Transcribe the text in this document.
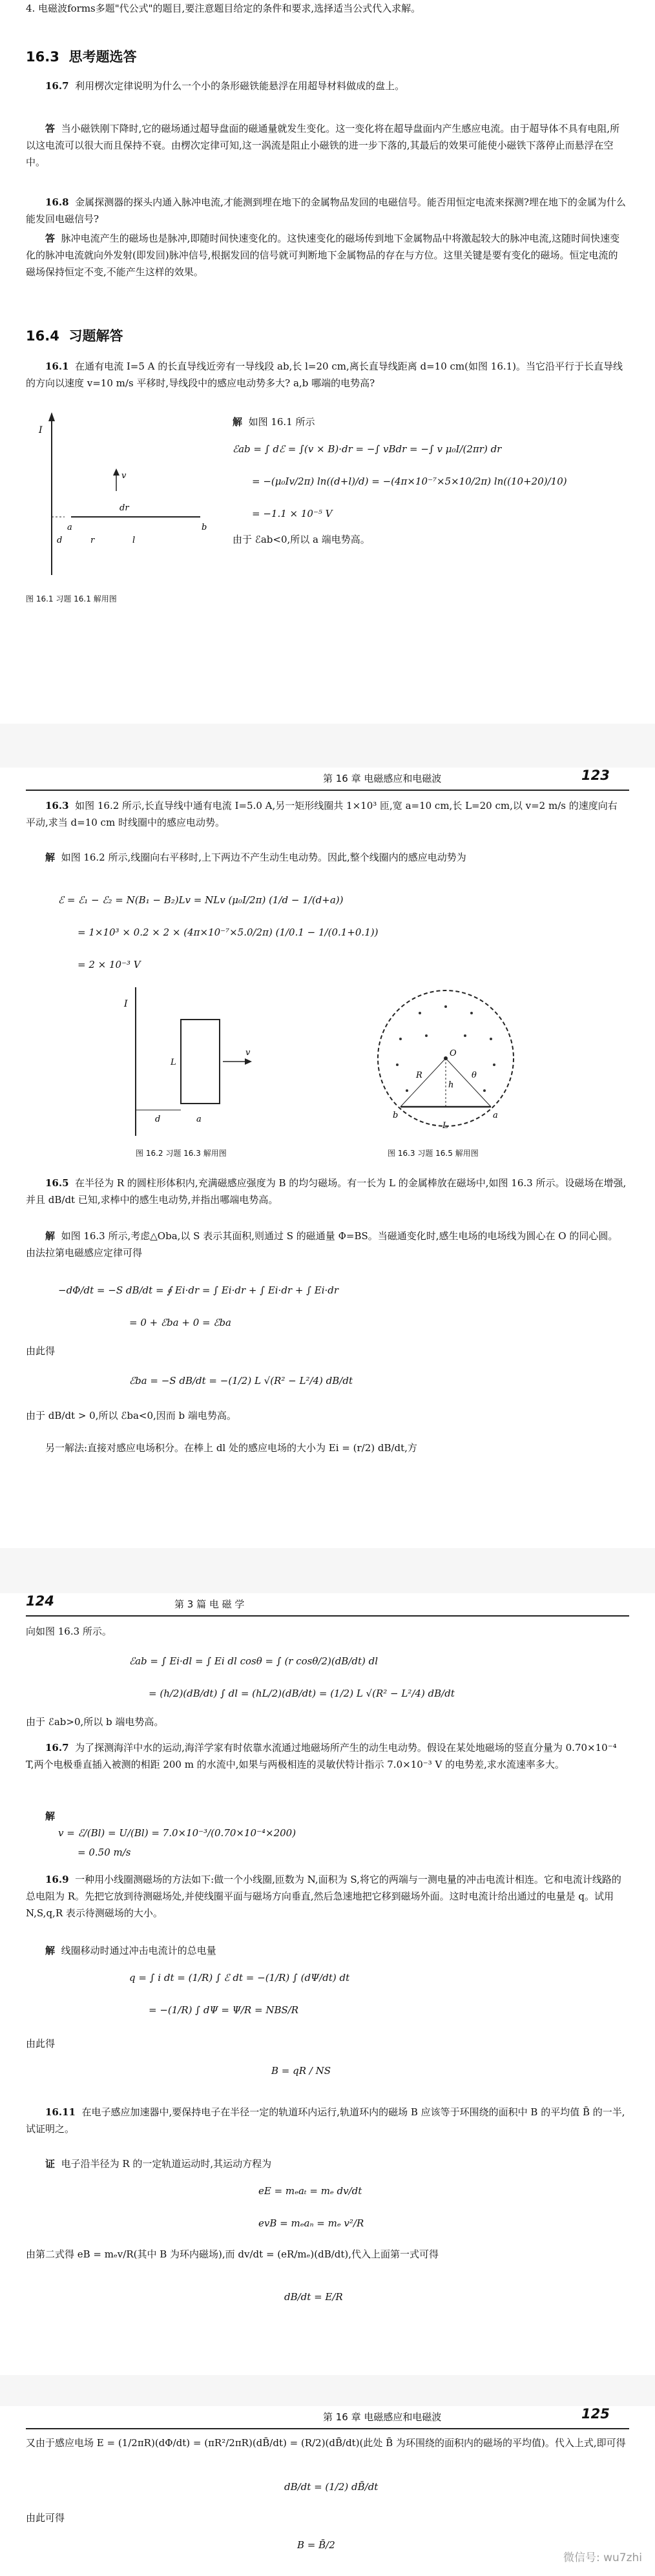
4. 电磁波forms多题"代公式"的题目,要注意题目给定的条件和要求,选择适当公式代入求解。
16.3 思考题选答
16.7 利用楞次定律说明为什么一个小的条形磁铁能悬浮在用超导材料做成的盘上。
答 当小磁铁刚下降时,它的磁场通过超导盘面的磁通量就发生变化。这一变化将在超导盘面内产生感应电流。由于超导体不具有电阻,所以这电流可以很大而且保持不衰。由楞次定律可知,这一涡流是阻止小磁铁的进一步下落的,其最后的效果可能使小磁铁下落停止而悬浮在空中。
16.8 金属探测器的探头内通入脉冲电流,才能测到埋在地下的金属物品发回的电磁信号。能否用恒定电流来探测?埋在地下的金属为什么能发回电磁信号?
答 脉冲电流产生的磁场也是脉冲,即随时间快速变化的。这快速变化的磁场传到地下金属物品中将激起较大的脉冲电流,这随时间快速变化的脉冲电流就向外发射(即发回)脉冲信号,根据发回的信号就可判断地下金属物品的存在与方位。这里关键是要有变化的磁场。恒定电流的磁场保持恒定不变,不能产生这样的效果。
16.4 习题解答
16.1 在通有电流 I=5 A 的长直导线近旁有一导线段 ab,长 l=20 cm,离长直导线距离 d=10 cm(如图 16.1)。当它沿平行于长直导线的方向以速度 v=10 m/s 平移时,导线段中的感应电动势多大? a,b 哪端的电势高?
I
a	b
dr
v
r
d	l
图 16.1 习题 16.1 解用图
解 如图 16.1 所示
ℰab = ∫ dℰ = ∫(v × B)·dr = −∫ vBdr = −∫ v μ₀I/(2πr) dr
= −(μ₀Iv/2π) ln((d+l)/d) = −(4π×10⁻⁷×5×10/2π) ln((10+20)/10)
= −1.1 × 10⁻⁵ V
由于 ℰab<0,所以 a 端电势高。
第 16 章 电磁感应和电磁波	123
16.3 如图 16.2 所示,长直导线中通有电流 I=5.0 A,另一矩形线圈共 1×10³ 匝,宽 a=10 cm,长 L=20 cm,以 v=2 m/s 的速度向右平动,求当 d=10 cm 时线圈中的感应电动势。
解 如图 16.2 所示,线圈向右平移时,上下两边不产生动生电动势。因此,整个线圈内的感应电动势为
ℰ = ℰ₁ − ℰ₂ = N(B₁ − B₂)Lv = NLv (μ₀I/2π) (1/d − 1/(d+a))
= 1×10³ × 0.2 × 2 × (4π×10⁻⁷×5.0/2π) (1/0.1 − 1/(0.1+0.1))
= 2 × 10⁻³ V
I
d	a
L
v
图 16.2 习题 16.3 解用图
O
h
R	θ
b	a
L
图 16.3 习题 16.5 解用图
16.5 在半径为 R 的圆柱形体积内,充满磁感应强度为 B 的均匀磁场。有一长为 L 的金属棒放在磁场中,如图 16.3 所示。设磁场在增强,并且 dB/dt 已知,求棒中的感生电动势,并指出哪端电势高。
解 如图 16.3 所示,考虑△Oba,以 S 表示其面积,则通过 S 的磁通量 Φ=BS。当磁通变化时,感生电场的电场线为圆心在 O 的同心圆。由法拉第电磁感应定律可得
−dΦ/dt = −S dB/dt = ∮ Ei·dr = ∫ Ei·dr + ∫ Ei·dr + ∫ Ei·dr
= 0 + ℰba + 0 = ℰba
由此得
ℰba = −S dB/dt = −(1/2) L √(R² − L²/4) dB/dt
由于 dB/dt > 0,所以 ℰba<0,因而 b 端电势高。
另一解法:直接对感应电场积分。在棒上 dl 处的感应电场的大小为 Ei = (r/2) dB/dt,方
124	第 3 篇 电 磁 学
向如图 16.3 所示。
ℰab = ∫ Ei·dl = ∫ Ei dl cosθ = ∫ (r cosθ/2)(dB/dt) dl
= (h/2)(dB/dt) ∫ dl = (hL/2)(dB/dt) = (1/2) L √(R² − L²/4) dB/dt
由于 ℰab>0,所以 b 端电势高。
16.7 为了探测海洋中水的运动,海洋学家有时依靠水流通过地磁场所产生的动生电动势。假设在某处地磁场的竖直分量为 0.70×10⁻⁴ T,两个电极垂直插入被测的相距 200 m 的水流中,如果与两极相连的灵敏伏特计指示 7.0×10⁻³ V 的电势差,求水流速率多大。
解
v = ℰ/(Bl) = U/(Bl) = 7.0×10⁻³/(0.70×10⁻⁴×200)
= 0.50 m/s
16.9 一种用小线圈测磁场的方法如下:做一个小线圈,匝数为 N,面积为 S,将它的两端与一测电量的冲击电流计相连。它和电流计线路的总电阻为 R。先把它放到待测磁场处,并使线圈平面与磁场方向垂直,然后急速地把它移到磁场外面。这时电流计给出通过的电量是 q。试用 N,S,q,R 表示待测磁场的大小。
解 线圈移动时通过冲击电流计的总电量
q = ∫ i dt = (1/R) ∫ ℰ dt = −(1/R) ∫ (dΨ/dt) dt
= −(1/R) ∫ dΨ = Ψ/R = NBS/R
由此得
B = qR / NS
16.11 在电子感应加速器中,要保持电子在半径一定的轨道环内运行,轨道环内的磁场 B 应该等于环围绕的面积中 B 的平均值 B̄ 的一半,试证明之。
证 电子沿半径为 R 的一定轨道运动时,其运动方程为
eE = mₑaₜ = mₑ dv/dt
evB = mₑaₙ = mₑ v²/R
由第二式得 eB = mₑv/R(其中 B 为环内磁场),而 dv/dt = (eR/mₑ)(dB/dt),代入上面第一式可得
dB/dt = E/R
第 16 章 电磁感应和电磁波	125
又由于感应电场 E = (1/2πR)(dΦ/dt) = (πR²/2πR)(dB̄/dt) = (R/2)(dB̄/dt)(此处 B̄ 为环围绕的面积内的磁场的平均值)。代入上式,即可得
dB/dt = (1/2) dB̄/dt
由此可得
B = B̄/2
微信号: wu7zhi
